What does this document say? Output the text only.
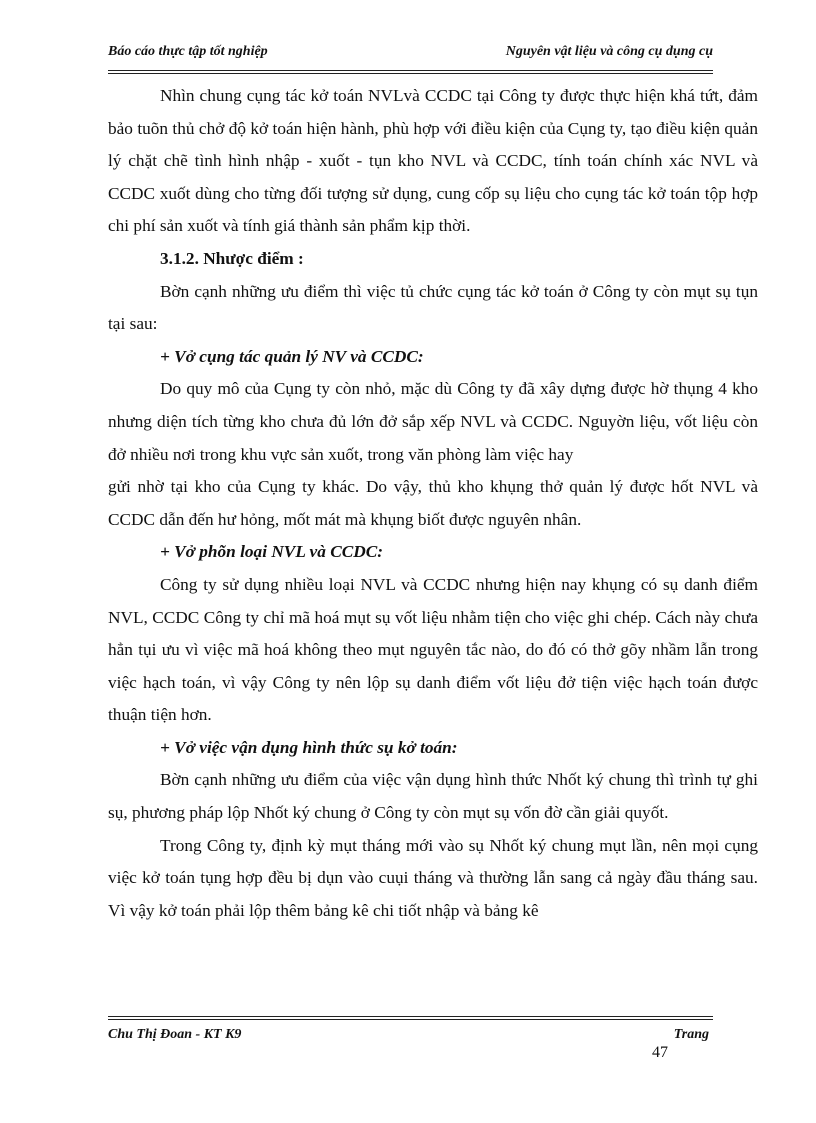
Báo cáo thực tập tốt nghiệp	Nguyên vật liệu và công cụ dụng cụ

Nhìn chung cụng tác kở toán NVLvà CCDC tại Công ty được thực hiện khá tứt, đảm bảo tuõn thủ chở độ kở toán hiện hành, phù hợp với điều kiện của Cụng ty, tạo điều kiện quản lý chặt chẽ tình hình nhập - xuốt - tụn kho NVL và CCDC, tính toán chính xác NVL và CCDC xuốt dùng cho từng đối tượng sử dụng, cung cốp sụ liệu cho cụng tác kở toán tộp hợp chi phí sản xuốt và tính giá thành sản phẩm kịp thời.

3.1.2. Nhược điểm :

Bờn cạnh những ưu điểm thì việc tủ chức cụng tác kở toán ở Công ty còn mụt sụ tụn tại sau:

+ Vở cụng tác quản lý NV và CCDC:

Do quy mô của Cụng ty còn nhỏ, mặc dù Công ty đã xây dựng được hờ thụng 4 kho nhưng diện tích từng kho chưa đủ lớn đở sắp xếp NVL và CCDC. Nguyờn liệu, vốt liệu còn đở nhiều nơi trong khu vực sản xuốt, trong văn phòng làm việc hay

gửi nhờ tại kho của Cụng ty khác. Do vậy, thủ kho khụng thở quản lý được hốt NVL và CCDC dẫn đến hư hỏng, mốt mát mà khụng biốt được nguyên nhân.

+ Vở phõn loại NVL và CCDC:

Công ty sử dụng nhiều loại NVL và CCDC nhưng hiện nay khụng có sụ danh điểm NVL, CCDC Công ty chỉ mã hoá mụt sụ vốt liệu nhằm tiện cho việc ghi chép. Cách này chưa hẳn tụi ưu vì việc mã hoá không theo mụt nguyên tắc nào, do đó có thở gõy nhầm lẫn trong việc hạch toán, vì vậy Công ty nên lộp sụ danh điểm vốt liệu đở tiện việc hạch toán được thuận tiện hơn.

+ Vở việc vận dụng hình thức sụ kở toán:

Bờn cạnh những ưu điểm của việc vận dụng hình thức Nhốt ký chung thì trình tự ghi sụ, phương pháp lộp Nhốt ký chung ở Công ty còn mụt sụ vốn đờ cần giải quyốt.

Trong Công ty, định kỳ mụt tháng mới vào sụ Nhốt ký chung mụt lần, nên mọi cụng việc kở toán tụng hợp đều bị dụn vào cuụi tháng và thường lẫn sang cả ngày đầu tháng sau. Vì vậy kở toán phải lộp thêm bảng kê chi tiốt nhập và bảng kê

Chu Thị Đoan - KT K9	Trang
47
